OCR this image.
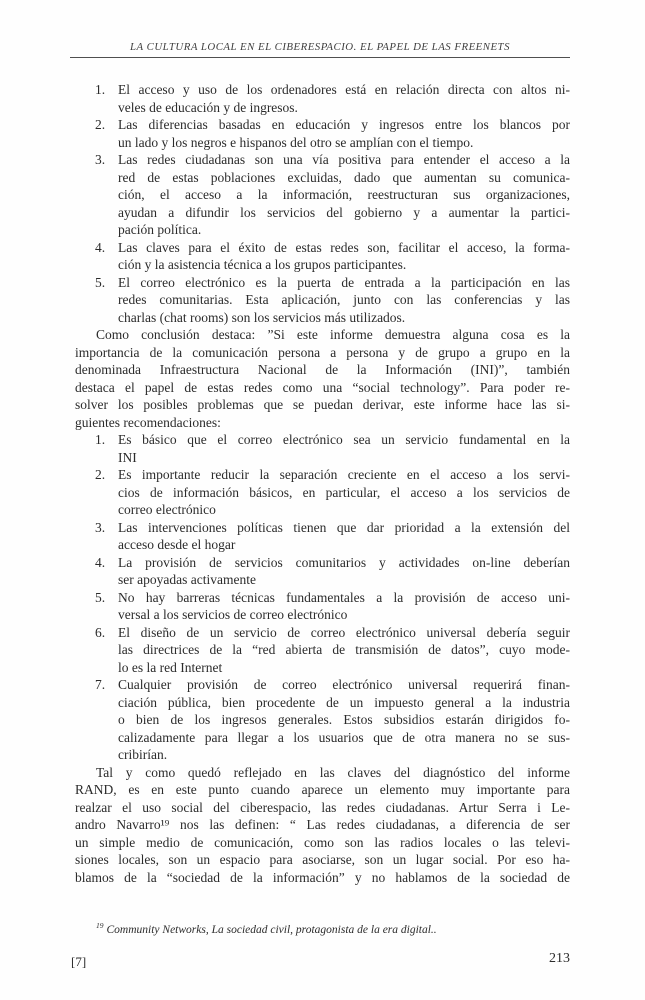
LA CULTURA LOCAL EN EL CIBERESPACIO. EL PAPEL DE LAS FREENETS
1. El acceso y uso de los ordenadores está en relación directa con altos ni-
veles de educación y de ingresos.
2. Las diferencias basadas en educación y ingresos entre los blancos por
un lado y los negros e hispanos del otro se amplían con el tiempo.
3. Las redes ciudadanas son una vía positiva para entender el acceso a la
red de estas poblaciones excluidas, dado que aumentan su comunica-
ción, el acceso a la información, reestructuran sus organizaciones,
ayudan a difundir los servicios del gobierno y a aumentar la partici-
pación política.
4. Las claves para el éxito de estas redes son, facilitar el acceso, la forma-
ción y la asistencia técnica a los grupos participantes.
5. El correo electrónico es la puerta de entrada a la participación en las
redes comunitarias. Esta aplicación, junto con las conferencias y las
charlas (chat rooms) son los servicios más utilizados.

Como conclusión destaca: ”Si este informe demuestra alguna cosa es la
importancia de la comunicación persona a persona y de grupo a grupo en la
denominada Infraestructura Nacional de la Información (INI)”, también
destaca el papel de estas redes como una “social technology”. Para poder re-
solver los posibles problemas que se puedan derivar, este informe hace las si-
guientes recomendaciones:

1. Es básico que el correo electrónico sea un servicio fundamental en la
INI
2. Es importante reducir la separación creciente en el acceso a los servi-
cios de información básicos, en particular, el acceso a los servicios de
correo electrónico
3. Las intervenciones políticas tienen que dar prioridad a la extensión del
acceso desde el hogar
4. La provisión de servicios comunitarios y actividades on-line deberían
ser apoyadas activamente
5. No hay barreras técnicas fundamentales a la provisión de acceso uni-
versal a los servicios de correo electrónico
6. El diseño de un servicio de correo electrónico universal debería seguir
las directrices de la “red abierta de transmisión de datos”, cuyo mode-
lo es la red Internet
7. Cualquier provisión de correo electrónico universal requerirá finan-
ciación pública, bien procedente de un impuesto general a la industria
o bien de los ingresos generales. Estos subsidios estarán dirigidos fo-
calizadamente para llegar a los usuarios que de otra manera no se sus-
cribirían.

Tal y como quedó reflejado en las claves del diagnóstico del informe
RAND, es en este punto cuando aparece un elemento muy importante para
realzar el uso social del ciberespacio, las redes ciudadanas. Artur Serra i Le-
andro Navarro¹⁹ nos las definen: “ Las redes ciudadanas, a diferencia de ser
un simple medio de comunicación, como son las radios locales o las televi-
siones locales, son un espacio para asociarse, son un lugar social. Por eso ha-
blamos de la “sociedad de la información” y no hablamos de la sociedad de

$^{19}$ Community Networks, La sociedad civil, protagonista de la era digital..
[7]	213
